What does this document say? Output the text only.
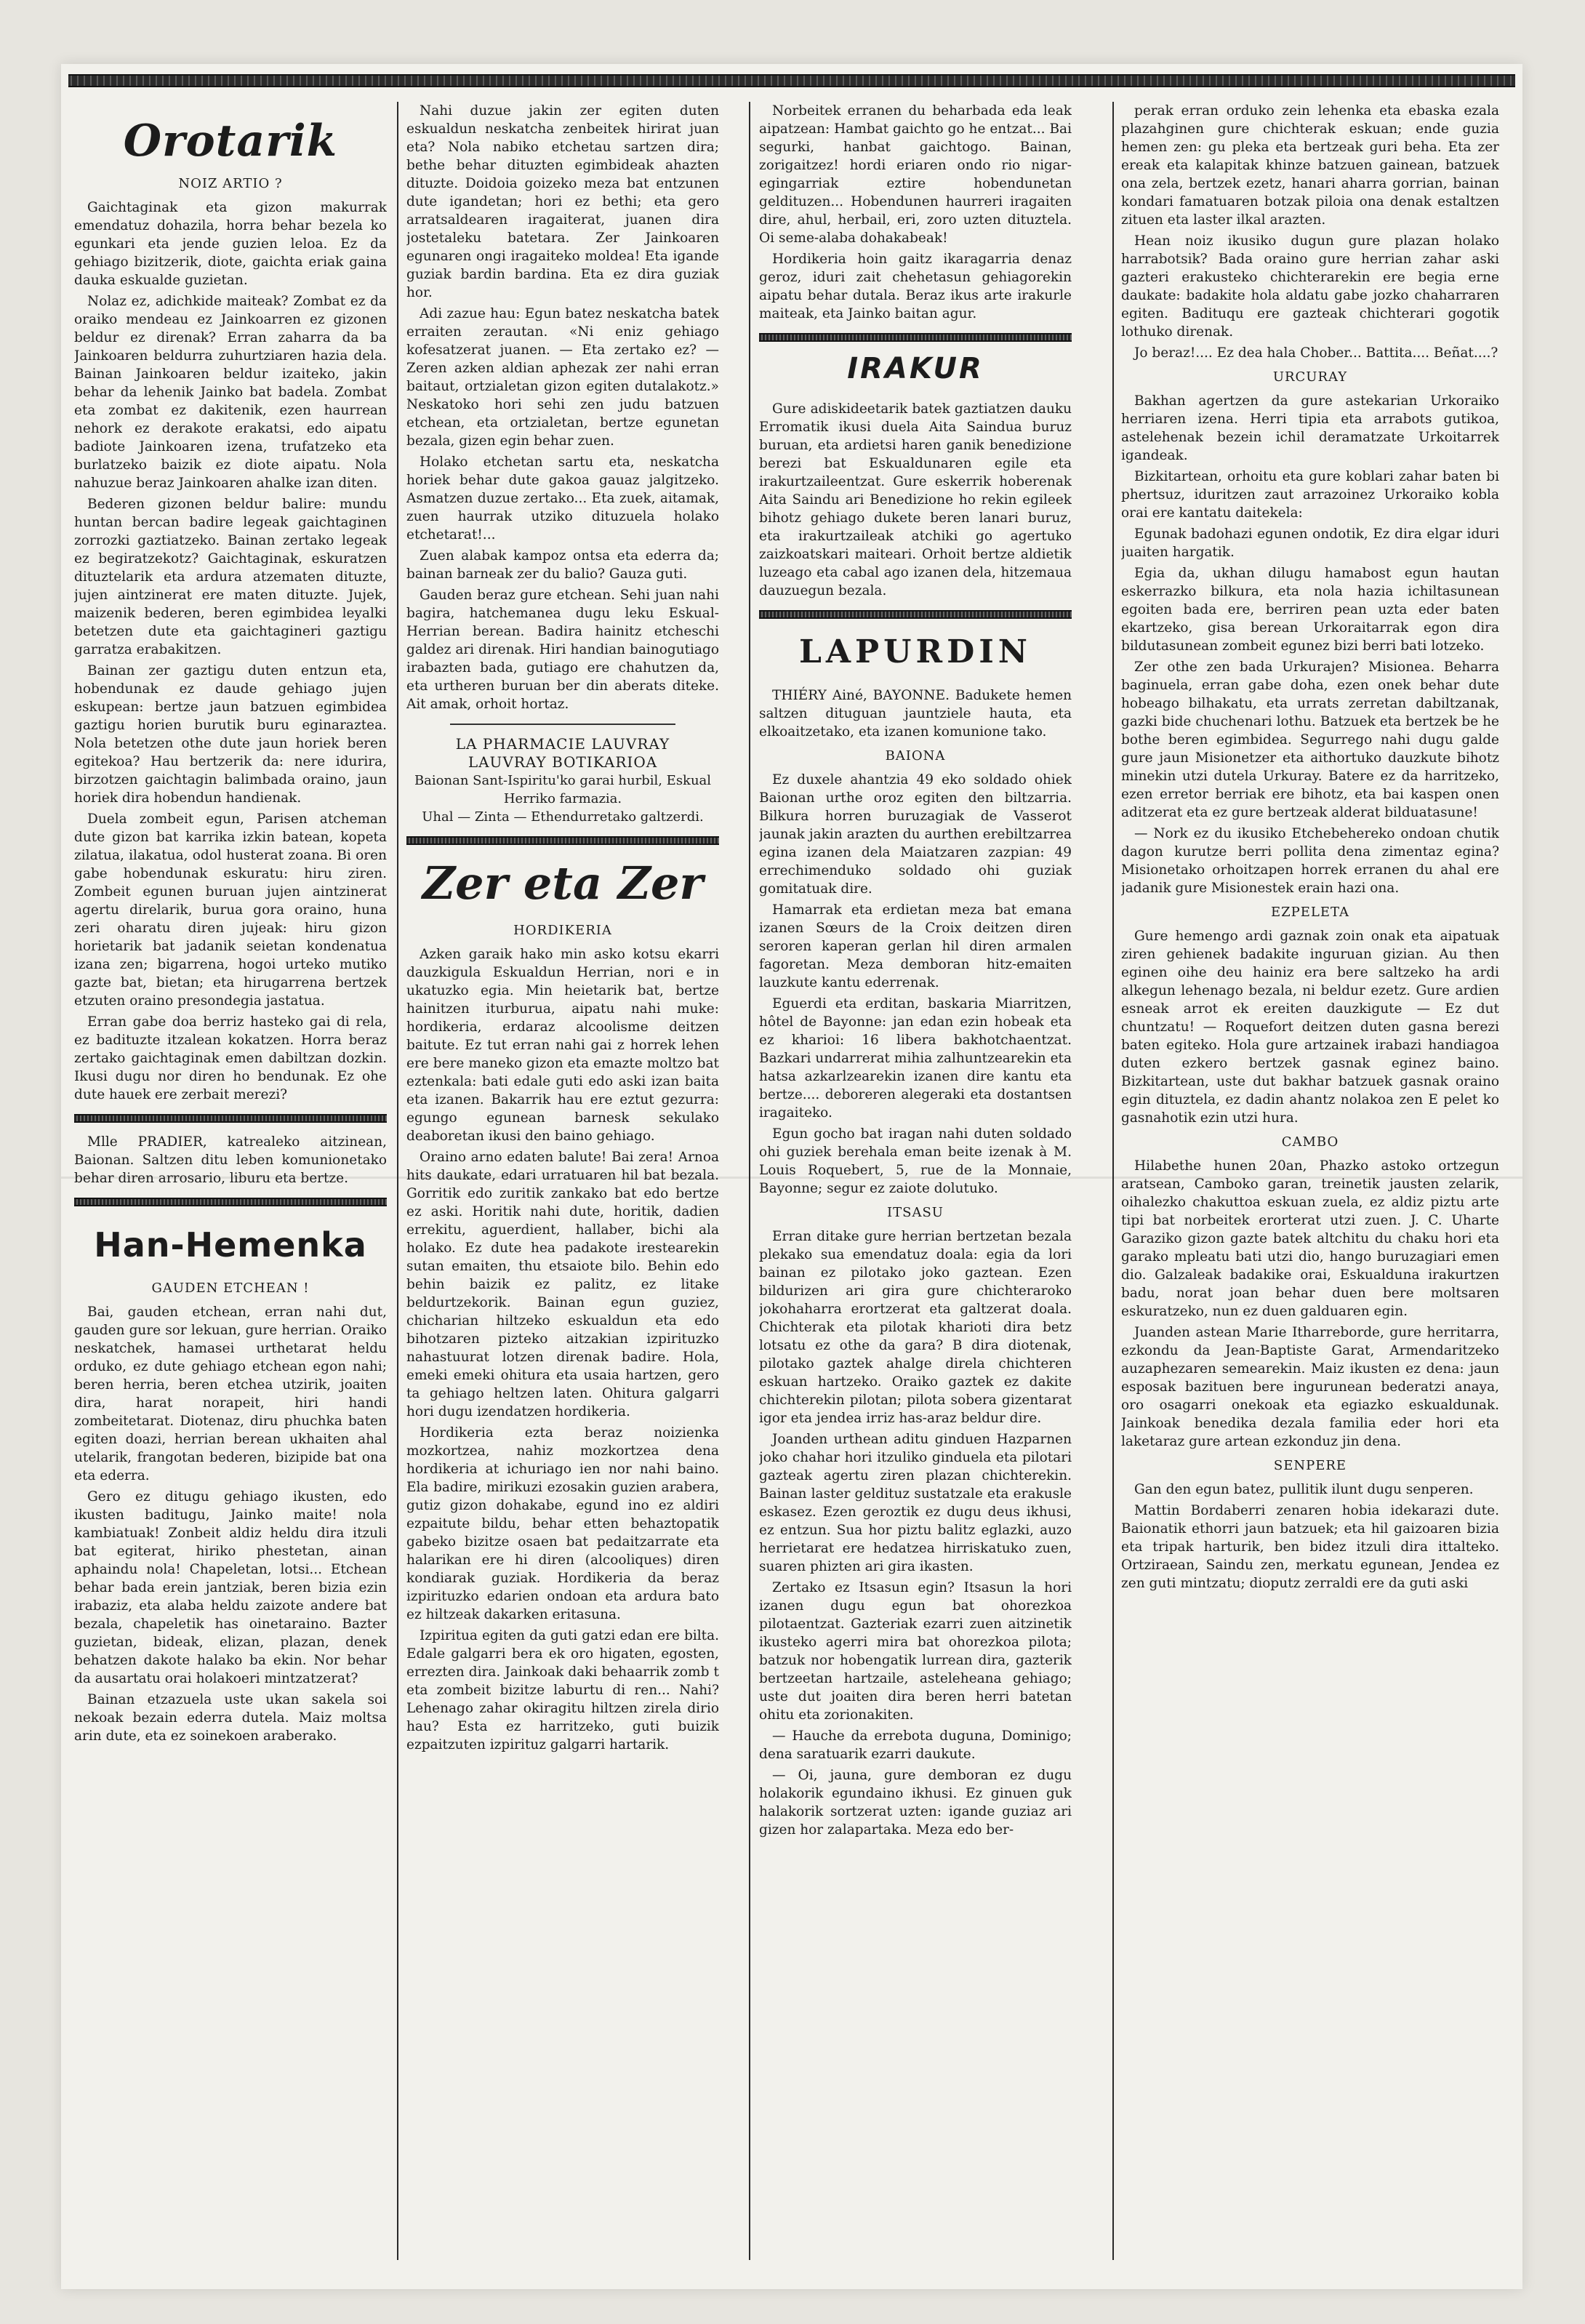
Orotarik
NOIZ ARTIO ?

Gaichtaginak eta gizon makurrak emendatuz dohazila, horra behar bezela ko egunkari eta jende guzien leloa. Ez da gehiago bizitzerik, diote, gaichta eriak gaina dauka eskualde guzietan.

Nolaz ez, adichkide maiteak? Zombat ez da oraiko mendeau ez Jainkoarren ez gizonen beldur ez direnak? Erran zaharra da ba Jainkoaren beldurra zuhurtziaren hazia dela. Bainan Jainkoaren beldur izaiteko, jakin behar da lehenik Jainko bat badela. Zombat eta zombat ez dakitenik, ezen haurrean nehork ez derakote erakatsi, edo aipatu badiote Jainkoaren izena, trufatzeko eta burlatzeko baizik ez diote aipatu. Nola nahuzue beraz Jainkoaren ahalke izan diten.

Bederen gizonen beldur balire: mundu huntan bercan badire legeak gaichtaginen zorrozki gaztiatzeko. Bainan zertako legeak ez begiratzekotz? Gaichtaginak, eskuratzen dituztelarik eta ardura atzematen dituzte, jujen aintzinerat ere maten dituzte. Jujek, maizenik bederen, beren egimbidea leyalki betetzen dute eta gaichtagineri gaztigu garratza erabakitzen.

Bainan zer gaztigu duten entzun eta, hobendunak ez daude gehiago jujen eskupean: bertze jaun batzuen egimbidea gaztigu horien burutik buru eginaraztea. Nola betetzen othe dute jaun horiek beren egitekoa? Hau bertzerik da: nere idurira, birzotzen gaichtagin balimbada oraino, jaun horiek dira hobendun handienak.

Duela zombeit egun, Parisen atcheman dute gizon bat karrika izkin batean, kopeta zilatua, ilakatua, odol husterat zoana. Bi oren gabe hobendunak eskuratu: hiru ziren. Zombeit egunen buruan jujen aintzinerat agertu direlarik, burua gora oraino, huna zeri oharatu diren jujeak: hiru gizon horietarik bat jadanik seietan kondenatua izana zen; bigarrena, hogoi urteko mutiko gazte bat, bietan; eta hirugarrena bertzek etzuten oraino presondegia jastatua.

Erran gabe doa berriz hasteko gai di rela, ez badituzte itzalean kokatzen. Horra beraz zertako gaichtaginak emen dabiltzan dozkin. Ikusi dugu nor diren ho bendunak. Ez ohe dute hauek ere zerbait merezi?

Mlle PRADIER, katrealeko aitzinean, Baionan. Saltzen ditu leben komunionetako behar diren arrosario, liburu eta bertze.

Han-Hemenka
GAUDEN ETCHEAN !

Bai, gauden etchean, erran nahi dut, gauden gure sor lekuan, gure herrian. Oraiko neskatchek, hamasei urthetarat heldu orduko, ez dute gehiago etchean egon nahi; beren herria, beren etchea utzirik, joaiten dira, harat norapeit, hiri handi zombeitetarat. Diotenaz, diru phuchka baten egiten doazi, herrian berean ukhaiten ahal utelarik, frangotan bederen, bizipide bat ona eta ederra.

Gero ez ditugu gehiago ikusten, edo ikusten baditugu, Jainko maite! nola kambiatuak! Zonbeit aldiz heldu dira itzuli bat egiterat, hiriko phestetan, ainan aphaindu nola! Chapeletan, lotsi... Etchean behar bada erein jantziak, beren bizia ezin irabaziz, eta alaba heldu zaizote andere bat bezala, chapeletik has oinetaraino. Bazter guzietan, bideak, elizan, plazan, denek behatzen dakote halako ba ekin. Nor behar da ausartatu orai holakoeri mintzatzerat?

Bainan etzazuela uste ukan sakela soi nekoak bezain ederra dutela. Maiz moltsa arin dute, eta ez soinekoen araberako.

Nahi duzue jakin zer egiten duten eskualdun neskatcha zenbeitek hirirat juan eta? Nola nabiko etchetau sartzen dira; bethe behar dituzten egimbideak ahazten dituzte. Doidoia goizeko meza bat entzunen dute igandetan; hori ez bethi; eta gero arratsaldearen iragaiterat, juanen dira jostetaleku batetara. Zer Jainkoaren egunaren ongi iragaiteko moldea! Eta igande guziak bardin bardina. Eta ez dira guziak hor.

Adi zazue hau: Egun batez neskatcha batek erraiten zerautan. «Ni eniz gehiago kofesatzerat juanen. — Eta zertako ez? — Zeren azken aldian aphezak zer nahi erran baitaut, ortzialetan gizon egiten dutalakotz.» Neskatoko hori sehi zen judu batzuen etchean, eta ortzialetan, bertze egunetan bezala, gizen egin behar zuen.

Holako etchetan sartu eta, neskatcha horiek behar dute gakoa gauaz jalgitzeko. Asmatzen duzue zertako... Eta zuek, aitamak, zuen haurrak utziko dituzuela holako etchetarat!...

Zuen alabak kampoz ontsa eta ederra da; bainan barneak zer du balio? Gauza guti.

Gauden beraz gure etchean. Sehi juan nahi bagira, hatchemanea dugu leku Eskual-Herrian berean. Badira hainitz etcheschi galdez ari direnak. Hiri handian bainogutiago irabazten bada, gutiago ere chahutzen da, eta urtheren buruan ber din aberats diteke. Ait amak, orhoit hortaz.

LA PHARMACIE LAUVRAY
LAUVRAY BOTIKARIOA
Baionan Sant-Ispiritu'ko garai hurbil, Eskual Herriko farmazia.
Uhal — Zinta — Ethendurretako galtzerdi.
Zer eta Zer
HORDIKERIA

Azken garaik hako min asko kotsu ekarri dauzkigula Eskualdun Herrian, nori e in ukatuzko egia. Min heietarik bat, bertze hainitzen iturburua, aipatu nahi muke: hordikeria, erdaraz alcoolisme deitzen baitute. Ez tut erran nahi gai z horrek lehen ere bere maneko gizon eta emazte moltzo bat eztenkala: bati edale guti edo aski izan baita eta izanen. Bakarrik hau ere eztut gezurra: egungo egunean barnesk sekulako deaboretan ikusi den baino gehiago.

Oraino arno edaten balute! Bai zera! Arnoa hits daukate, edari urratuaren hil bat bezala. Gorritik edo zuritik zankako bat edo bertze ez aski. Horitik nahi dute, horitik, dadien errekitu, aguerdient, hallaber, bichi ala holako. Ez dute hea padakote irestearekin sutan emaiten, thu etsaiote bilo. Behin edo behin baizik ez palitz, ez litake beldurtzekorik. Bainan egun guziez, chicharian hiltzeko eskualdun eta edo bihotzaren pizteko aitzakian izpirituzko nahastuurat lotzen direnak badire. Hola, emeki emeki ohitura eta usaia hartzen, gero ta gehiago heltzen laten. Ohitura galgarri hori dugu izendatzen hordikeria.

Hordikeria ezta beraz noizienka mozkortzea, nahiz mozkortzea dena hordikeria at ichuriago ien nor nahi baino. Ela badire, mirikuzi ezosakin guzien arabera, gutiz gizon dohakabe, egund ino ez aldiri ezpaitute bildu, behar etten behaztopatik gabeko bizitze osaen bat pedaitzarrate eta halarikan ere hi diren (alcooliques) diren kondiarak guziak. Hordikeria da beraz izpirituzko edarien ondoan eta ardura bato ez hiltzeak dakarken eritasuna.

Izpiritua egiten da guti gatzi edan ere bilta. Edale galgarri bera ek oro higaten, egosten, errezten dira. Jainkoak daki behaarrik zomb t eta zombeit bizitze laburtu di ren... Nahi? Lehenago zahar okiragitu hiltzen zirela dirio hau? Esta ez harritzeko, guti buizik ezpaitzuten izpirituz galgarri hartarik.

Norbeitek erranen du beharbada eda leak aipatzean: Hambat gaichto go he entzat... Bai segurki, hanbat gaichtogo. Bainan, zorigaitzez! hordi eriaren ondo rio nigar-egingarriak eztire hobendunetan geldituzen... Hobendunen haurreri iragaiten dire, ahul, herbail, eri, zoro uzten dituztela. Oi seme-alaba dohakabeak!

Hordikeria hoin gaitz ikaragarria denaz geroz, iduri zait chehetasun gehiagorekin aipatu behar dutala. Beraz ikus arte irakurle maiteak, eta Jainko baitan agur.

IRAKUR

Gure adiskideetarik batek gaztiatzen dauku Erromatik ikusi duela Aita Saindua buruz buruan, eta ardietsi haren ganik benedizione berezi bat Eskualdunaren egile eta irakurtzaileentzat. Gure eskerrik hoberenak Aita Saindu ari Benedizione ho rekin egileek bihotz gehiago dukete beren lanari buruz, eta irakurtzaileak atchiki go agertuko zaizkoatskari maiteari. Orhoit bertze aldietik luzeago eta cabal ago izanen dela, hitzemaua dauzuegun bezala.

LAPURDIN

THIÉRY Ainé, BAYONNE. Badukete hemen saltzen dituguan jauntziele hauta, eta elkoaitzetako, eta izanen komunione tako.

BAIONA

Ez duxele ahantzia 49 eko soldado ohiek Baionan urthe oroz egiten den biltzarria. Bilkura horren buruzagiak de Vasserot jaunak jakin arazten du aurthen erebiltzarrea egina izanen dela Maiatzaren zazpian: 49 errechimenduko soldado ohi guziak gomitatuak dire.

Hamarrak eta erdietan meza bat emana izanen Sœurs de la Croix deitzen diren seroren kaperan gerlan hil diren armalen fagoretan. Meza demboran hitz-emaiten lauzkute kantu ederrenak.

Eguerdi eta erditan, baskaria Miarritzen, hôtel de Bayonne: jan edan ezin hobeak eta ez kharioi: 16 libera bakhotchaentzat. Bazkari undarrerat mihia zalhuntzearekin eta hatsa azkarlzearekin izanen dire kantu eta bertze.... deboreren alegeraki eta dostantsen iragaiteko.

Egun gocho bat iragan nahi duten soldado ohi guziek berehala eman beite izenak à M. Louis Roquebert, 5, rue de la Monnaie, Bayonne; segur ez zaiote dolutuko.

ITSASU

Erran ditake gure herrian bertzetan bezala plekako sua emendatuz doala: egia da lori bainan ez pilotako joko gaztean. Ezen bildurizen ari gira gure chichteraroko jokohaharra erortzerat eta galtzerat doala. Chichterak eta pilotak kharioti dira betz lotsatu ez othe da gara? B dira diotenak, pilotako gaztek ahalge direla chichteren eskuan hartzeko. Oraiko gaztek ez dakite chichterekin pilotan; pilota sobera gizentarat igor eta jendea irriz has-araz beldur dire.

Joanden urthean aditu ginduen Hazparnen joko chahar hori itzuliko ginduela eta pilotari gazteak agertu ziren plazan chichterekin. Bainan laster geldituz sustatzale eta erakusle eskasez. Ezen geroztik ez dugu deus ikhusi, ez entzun. Sua hor piztu balitz eglazki, auzo herrietarat ere hedatzea hirriskatuko zuen, suaren phizten ari gira ikasten.

Zertako ez Itsasun egin? Itsasun la hori izanen dugu egun bat ohorezkoa pilotaentzat. Gazteriak ezarri zuen aitzinetik ikusteko agerri mira bat ohorezkoa pilota; batzuk nor hobengatik lurrean dira, gazterik bertzeetan hartzaile, asteleheana gehiago; uste dut joaiten dira beren herri batetan ohitu eta zorionakiten.

— Hauche da errebota duguna, Dominigo; dena saratuarik ezarri daukute.

— Oi, jauna, gure demboran ez dugu holakorik egundaino ikhusi. Ez ginuen guk halakorik sortzerat uzten: igande guziaz ari gizen hor zalapartaka. Meza edo ber-

perak erran orduko zein lehenka eta ebaska ezala plazahginen gure chichterak eskuan; ende guzia hemen zen: gu pleka eta bertzeak guri beha. Eta zer ereak eta kalapitak khinze batzuen gainean, batzuek ona zela, bertzek ezetz, hanari aharra gorrian, bainan kondari famatuaren botzak piloia ona denak estaltzen zituen eta laster ilkal arazten.

Hean noiz ikusiko dugun gure plazan holako harrabotsik? Bada oraino gure herrian zahar aski gazteri erakusteko chichterarekin ere begia erne daukate: badakite hola aldatu gabe jozko chaharraren egiten. Badituqu ere gazteak chichterari gogotik lothuko direnak.

Jo beraz!.... Ez dea hala Chober... Battita.... Beñat....?

URCURAY

Bakhan agertzen da gure astekarian Urkoraiko herriaren izena. Herri tipia eta arrabots gutikoa, astelehenak bezein ichil deramatzate Urkoitarrek igandeak.

Bizkitartean, orhoitu eta gure koblari zahar baten bi phertsuz, iduritzen zaut arrazoinez Urkoraiko kobla orai ere kantatu daitekela:

Egunak badohazi egunen ondotik, Ez dira elgar iduri juaiten hargatik.

Egia da, ukhan dilugu hamabost egun hautan eskerrazko bilkura, eta nola hazia ichiltasunean egoiten bada ere, berriren pean uzta eder baten ekartzeko, gisa berean Urkoraitarrak egon dira bildutasunean zombeit egunez bizi berri bati lotzeko.

Zer othe zen bada Urkurajen? Misionea. Beharra baginuela, erran gabe doha, ezen onek behar dute hobeago bilhakatu, eta urrats zerretan dabiltzanak, gazki bide chuchenari lothu. Batzuek eta bertzek be he bothe beren egimbidea. Segurrego nahi dugu galde gure jaun Misionetzer eta aithortuko dauzkute bihotz minekin utzi dutela Urkuray. Batere ez da harritzeko, ezen erretor berriak ere bihotz, eta bai kaspen onen aditzerat eta ez gure bertzeak alderat bilduatasune!

— Nork ez du ikusiko Etchebehereko ondoan chutik dagon kurutze berri pollita dena zimentaz egina? Misionetako orhoitzapen horrek erranen du ahal ere jadanik gure Misionestek erain hazi ona.

EZPELETA

Gure hemengo ardi gaznak zoin onak eta aipatuak ziren gehienek badakite inguruan gizian. Au then eginen oihe deu hainiz era bere saltzeko ha ardi alkegun lehenago bezala, ni beldur ezetz. Gure ardien esneak arrot ek ereiten dauzkigute — Ez dut chuntzatu! — Roquefort deitzen duten gasna berezi baten egiteko. Hola gure artzainek irabazi handiagoa duten ezkero bertzek gasnak eginez baino. Bizkitartean, uste dut bakhar batzuek gasnak oraino egin dituztela, ez dadin ahantz nolakoa zen E pelet ko gasnahotik ezin utzi hura.

CAMBO

Hilabethe hunen 20an, Phazko astoko ortzegun aratsean, Camboko garan, treinetik jausten zelarik, oihalezko chakuttoa eskuan zuela, ez aldiz piztu arte tipi bat norbeitek erorterat utzi zuen. J. C. Uharte Garaziko gizon gazte batek altchitu du chaku hori eta garako mpleatu bati utzi dio, hango buruzagiari emen dio. Galzaleak badakike orai, Eskualduna irakurtzen badu, norat joan behar duen bere moltsaren eskuratzeko, nun ez duen galduaren egin.

Juanden astean Marie Itharreborde, gure herritarra, ezkondu da Jean-Baptiste Garat, Armendaritzeko auzaphezaren semearekin. Maiz ikusten ez dena: jaun esposak bazituen bere ingurunean bederatzi anaya, oro osagarri onekoak eta egiazko eskualdunak. Jainkoak benedika dezala familia eder hori eta laketaraz gure artean ezkonduz jin dena.

SENPERE

Gan den egun batez, pullitik ilunt dugu senperen.

Mattin Bordaberri zenaren hobia idekarazi dute. Baionatik ethorri jaun batzuek; eta hil gaizoaren bizia eta tripak harturik, ben bidez itzuli dira ittalteko. Ortziraean, Saindu zen, merkatu egunean, Jendea ez zen guti mintzatu; dioputz zerraldi ere da guti aski
